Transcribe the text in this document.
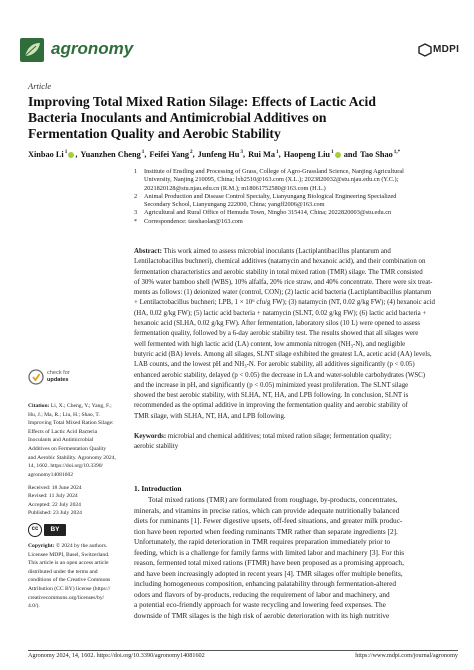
agronomy	MDPI
Article
Improving Total Mixed Ration Silage: Effects of Lactic Acid
Bacteria Inoculants and Antimicrobial Additives on
Fermentation Quality and Aerobic Stability
Xinbao Li$^1$ , Yuanzhen Cheng$^1$, Feifei Yang$^2$, Junfeng Hu$^3$, Rui Ma$^1$, Haopeng Liu$^1$ and Tao Shao$^{1,*}$
1 Institute of Ensiling and Processing of Grass, College of Agro-Grassland Science, Nanjing Agricultural
University, Nanjing 210095, China; lxb2510@163.com (X.L.); 2023820032@stu.njau.edu.cn (Y.C.);
2021820128@stu.njau.edu.cn (R.M.); m18061752580@163.com (H.L.)
2 Animal Production and Disease Control Specialty, Lianyungang Biological Engineering Specialized
Secondary School, Lianyungang 222000, China; yangff2006@163.com
3 Agricultural and Rural Office of Hemudu Town, Ningbo 315414, China; 2022820003@stu.edu.cn
* Correspondence: taoshaolan@163.com
Abstract: This work aimed to assess microbial inoculants (Lactiplantibacillus plantarum and
Lentilactobacillus buchneri), chemical additives (natamycin and hexanoic acid), and their combination on
fermentation characteristics and aerobic stability in total mixed ration (TMR) silage. The TMR consisted
of 30% water bamboo shell (WBS), 10% alfalfa, 20% rice straw, and 40% concentrate. There were six treat-
ments as follows: (1) deionized water (control, CON); (2) lactic acid bacteria (Lactiplantibacillus plantarum
+ Lentilactobacillus buchneri; LPB, 1 × 10⁶ cfu/g FW); (3) natamycin (NT, 0.02 g/kg FW); (4) hexanoic acid
(HA, 0.02 g/kg FW); (5) lactic acid bacteria + natamycin (SLNT, 0.02 g/kg FW); (6) lactic acid bacteria +
hexanoic acid (SLHA, 0.02 g/kg FW). After fermentation, laboratory silos (10 L) were opened to assess
fermentation quality, followed by a 6-day aerobic stability test. The results showed that all silages were
well fermented with high lactic acid (LA) content, low ammonia nitrogen (NH₃-N), and negligible
butyric acid (BA) levels. Among all silages, SLNT silage exhibited the greatest LA, acetic acid (AA) levels,
LAB counts, and the lowest pH and NH₃-N. For aerobic stability, all additives significantly (p < 0.05)
enhanced aerobic stability, delayed (p < 0.05) the decrease in LA and water-soluble carbohydrates (WSC)
and the increase in pH, and significantly (p < 0.05) minimized yeast proliferation. The SLNT silage
showed the best aerobic stability, with SLHA, NT, HA, and LPB following. In conclusion, SLNT is
recommended as the optimal additive in improving the fermentation quality and aerobic stability of
TMR silage, with SLHA, NT, HA, and LPB following.
Keywords: microbial and chemical additives; total mixed ration silage; fermentation quality;
aerobic stability
1. Introduction
Total mixed rations (TMR) are formulated from roughage, by-products, concentrates,
minerals, and vitamins in precise ratios, which can provide adequate nutritionally balanced
diets for ruminants [1]. Fewer digestive upsets, off-feed situations, and greater milk produc-
tion have been reported when feeding ruminants TMR rather than separate ingredients [2].
Unfortunately, the rapid deterioration in TMR requires preparation immediately prior to
feeding, which is a challenge for family farms with limited labor and machinery [3]. For this
reason, fermented total mixed rations (FTMR) have been proposed as a promising approach,
and have been increasingly adopted in recent years [4]. TMR silages offer multiple benefits,
including homogeneous composition, enhancing palatability through fermentation-altered
odors and flavors of by-products, reducing the requirement of labor and machinery, and
a potential eco-friendly approach for waste recycling and lowering feed expenses. The
downside of TMR silages is the high risk of aerobic deterioration with its high nutritive
check for
updates
Citation: Li, X.; Cheng, Y.; Yang, F.;
Hu, J.; Ma, R.; Liu, H.; Shao, T.
Improving Total Mixed Ration Silage:
Effects of Lactic Acid Bacteria
Inoculants and Antimicrobial
Additives on Fermentation Quality
and Aerobic Stability. Agronomy 2024,
14, 1602. https://doi.org/10.3390/
agronomy14081602
Received: 18 June 2024
Revised: 11 July 2024
Accepted: 22 July 2024
Published: 23 July 2024
cc	BY
Copyright: © 2024 by the authors.
Licensee MDPI, Basel, Switzerland.
This article is an open access article
distributed under the terms and
conditions of the Creative Commons
Attribution (CC BY) license (https://
creativecommons.org/licenses/by/
4.0/).
Agronomy 2024, 14, 1602. https://doi.org/10.3390/agronomy14081602	https://www.mdpi.com/journal/agronomy
